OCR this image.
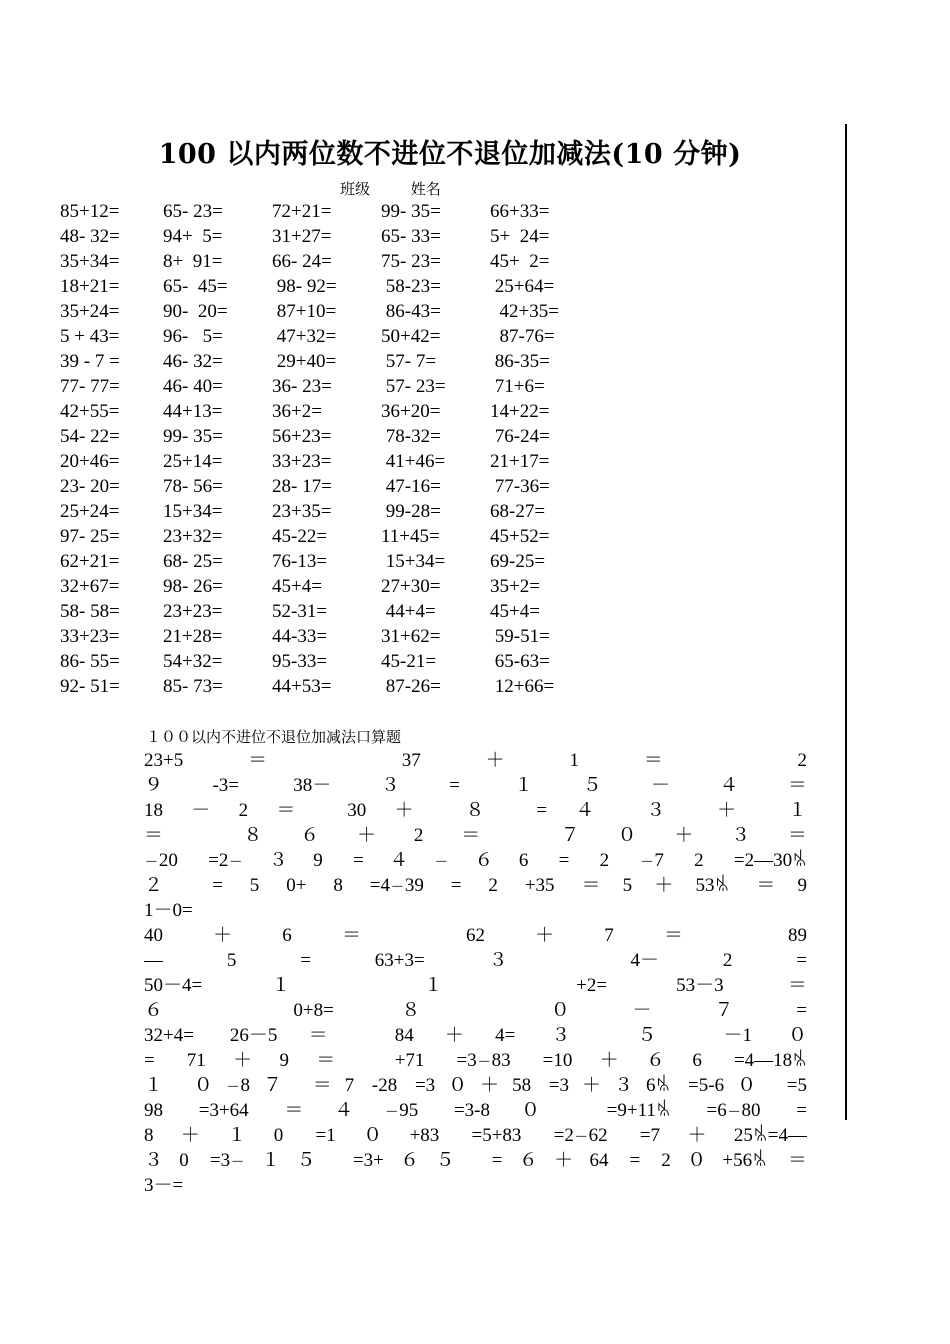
100 以内两位数不进位不退位加减法(10 分钟)
班级	姓名
85+12= 65- 23=	72+21=	99- 35=	66+33=
48- 32= 94+  5=	31+27=	65- 33=	5+  24=
35+34= 8+  91=	66- 24=	75- 23=	45+  2=
18+21= 65-  45= 98- 92= 58-23=	25+64=
35+24= 90-  20= 87+10= 86-43=	42+35=
5 + 43= 96-   5=	47+32= 50+42=	87-76=
39 - 7 = 46- 32=	29+40= 57- 7=	86-35=
77- 77= 46- 40=	36- 23=	57- 23= 71+6=
42+55= 44+13=	36+2=	36+20=	14+22=
54- 22= 99- 35=	56+23=	78-32=	76-24=
20+46= 25+14=	33+23=	41+46= 21+17=
23- 20= 78- 56=	28- 17=	47-16=	77-36=
25+24= 15+34=	23+35=	99-28=	68-27=
97- 25= 23+32=	45-22=	11+45=	45+52=
62+21= 68- 25=	76-13=	15+34= 69-25=
32+67= 98- 26=	45+4=	27+30=	35+2=
58- 58= 23+23=	52-31=	44+4=	45+4=
33+23= 21+28=	44-33=	31+62=	59-51=
86- 55= 54+32=	95-33=	45-21=	65-63=
92- 51= 85- 73=	44+53=	87-26=	12+66=
１００以内不进位不退位加减法口算题
23+5＝ 37＋1＝ 2
９-3= 38－３= １５－４＝
18 － 2 ＝ 30 ＋ ８ = ４ ３ ＋ １
＝ ８６＋2＝ ７０＋３＝
－20 =2－３9 =４－６6 = 2 －7 2 =2—30ꁰ
２ = 5 0+ 8 =4－39 = 2 +35 ＝5＋53ꁰ ＝9
1－0=
40＋6＝ 62＋7＝ 89
— 5 = 63+3= ３ 4－ 2 =
50－4= １ １ +2= 53－3＝
６ 0+8= ８ ０－７=
32+4= 26－5＝ 84＋4= ３ ５ －1 ０
= 71＋9＝ +71 =3－83 =10＋６6 =4—18ꁰ
１ ０－8７ ＝7 -28 =3０＋58 =3＋３6ꁰ =5-6０ =5
98 =3+64 ＝４－95 =3-8０ =9+11ꁰ =6－80 =
8＋１0 =1０+83 =5+83 =2－62 =7＋25ꁰ=4—
３0 =3－１５ =3+６５ =６＋64 = 2０+56ꁰ ＝
3－=
